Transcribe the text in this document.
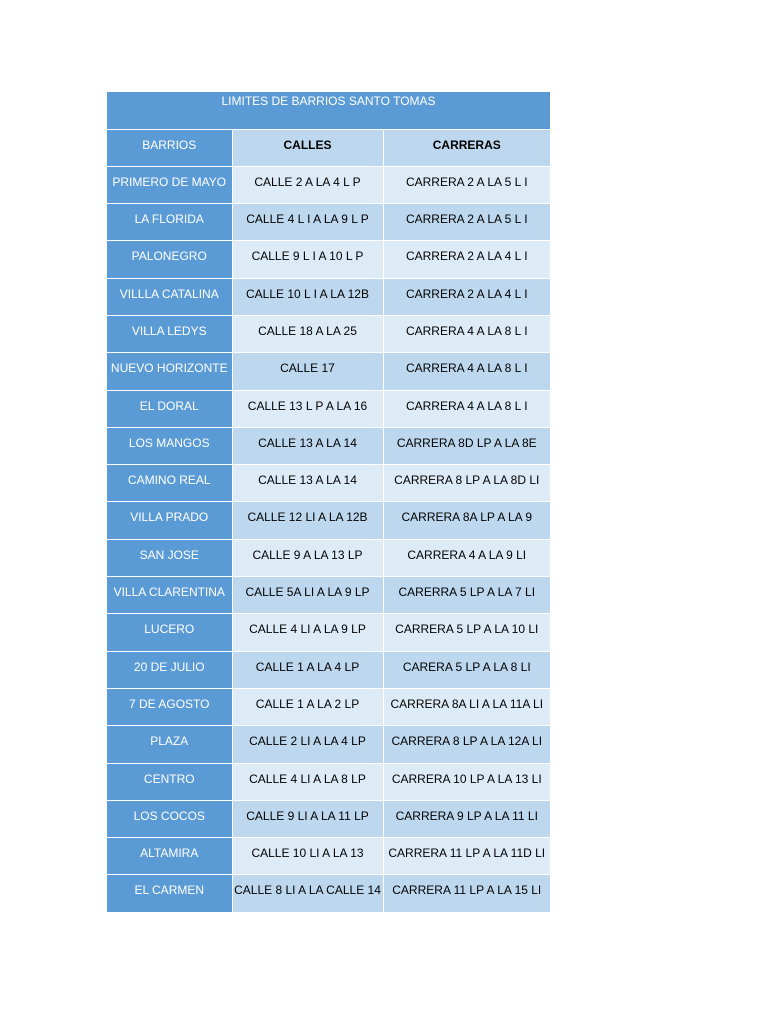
LIMITES DE BARRIOS SANTO TOMAS		
BARRIOS	CALLES	CARRERAS
PRIMERO DE MAYO	CALLE 2 A LA 4 L P	CARRERA 2 A LA 5 L I
LA FLORIDA	CALLE 4 L I A LA 9 L P	CARRERA 2 A LA 5 L I
PALONEGRO	CALLE 9 L I A 10 L P	CARRERA 2 A LA 4 L I
VILLLA CATALINA	CALLE 10 L I A LA 12B	CARRERA 2 A LA 4 L I
VILLA LEDYS	CALLE 18 A LA 25	CARRERA 4 A LA 8 L I
NUEVO HORIZONTE	CALLE 17	CARRERA 4 A LA 8 L I
EL DORAL	CALLE 13 L P A LA 16	CARRERA 4 A LA 8 L I
LOS MANGOS	CALLE 13 A LA 14	CARRERA 8D LP A LA 8E
CAMINO REAL	CALLE 13 A LA 14	CARRERA 8 LP A LA 8D LI
VILLA PRADO	CALLE 12 LI A LA 12B	CARRERA 8A LP A LA 9
SAN JOSE	CALLE 9 A LA 13 LP	CARRERA 4 A LA 9 LI
VILLA CLARENTINA	CALLE 5A LI A LA 9 LP	CARERRA 5 LP A LA 7 LI
LUCERO	CALLE 4 LI A LA 9 LP	CARRERA 5 LP A LA 10 LI
20 DE JULIO	CALLE 1 A LA 4 LP	CARERA 5 LP A LA 8 LI
7 DE AGOSTO	CALLE 1 A LA 2 LP	CARRERA 8A LI A LA 11A LI
PLAZA	CALLE 2 LI A LA 4 LP	CARRERA 8 LP A LA 12A LI
CENTRO	CALLE 4 LI A LA 8 LP	CARRERA 10 LP A LA 13 LI
LOS COCOS	CALLE 9 LI A LA 11 LP	CARRERA 9 LP A LA 11 LI
ALTAMIRA	CALLE 10 LI A LA 13	CARRERA 11 LP A LA 11D LI
EL CARMEN	CALLE 8 LI A LA CALLE 14	CARRERA 11 LP A LA 15 LI
